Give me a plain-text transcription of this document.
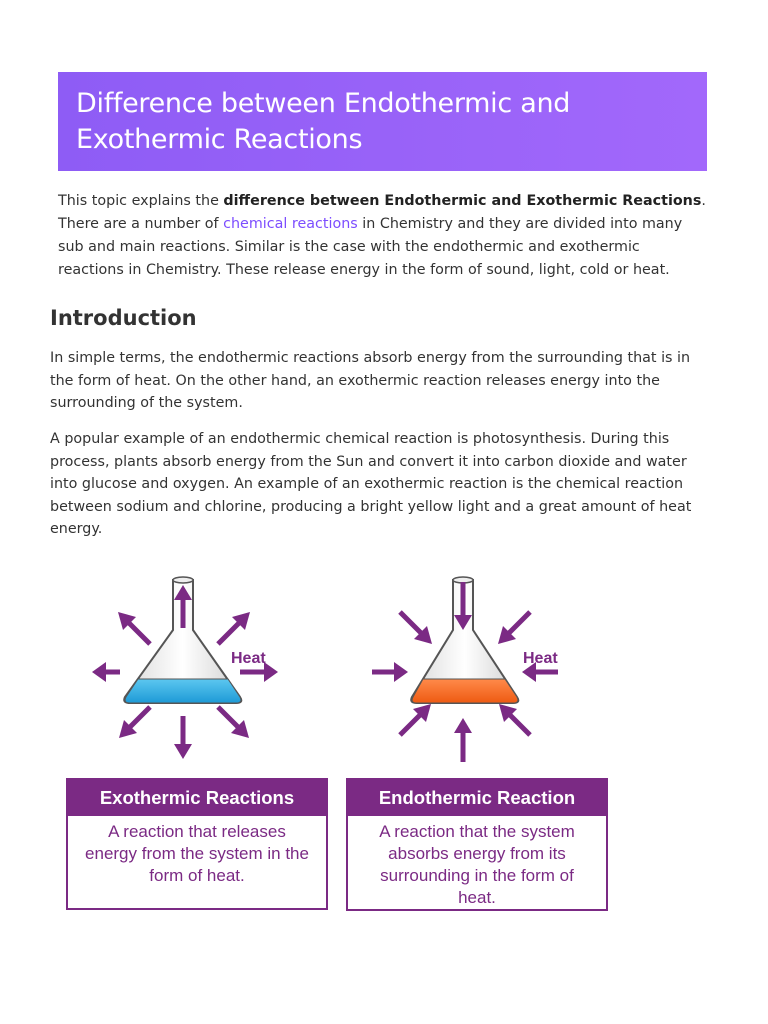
Difference between Endothermic and
Exothermic Reactions

This topic explains the difference between Endothermic and Exothermic Reactions. There are a number of chemical reactions in Chemistry and they are divided into many sub and main reactions. Similar is the case with the endothermic and exothermic reactions in Chemistry. These release energy in the form of sound, light, cold or heat.

Introduction

In simple terms, the endothermic reactions absorb energy from the surrounding that is in the form of heat. On the other hand, an exothermic reaction releases energy into the surrounding of the system.

A popular example of an endothermic chemical reaction is photosynthesis. During this process, plants absorb energy from the Sun and convert it into carbon dioxide and water into glucose and oxygen. An example of an exothermic reaction is the chemical reaction between sodium and chlorine, producing a bright yellow light and a great amount of heat energy.

Heat	Heat
Exothermic Reactions
A reaction that releases energy from the system in the form of heat.
Endothermic Reaction
A reaction that the system absorbs energy from its surrounding in the form of heat.
